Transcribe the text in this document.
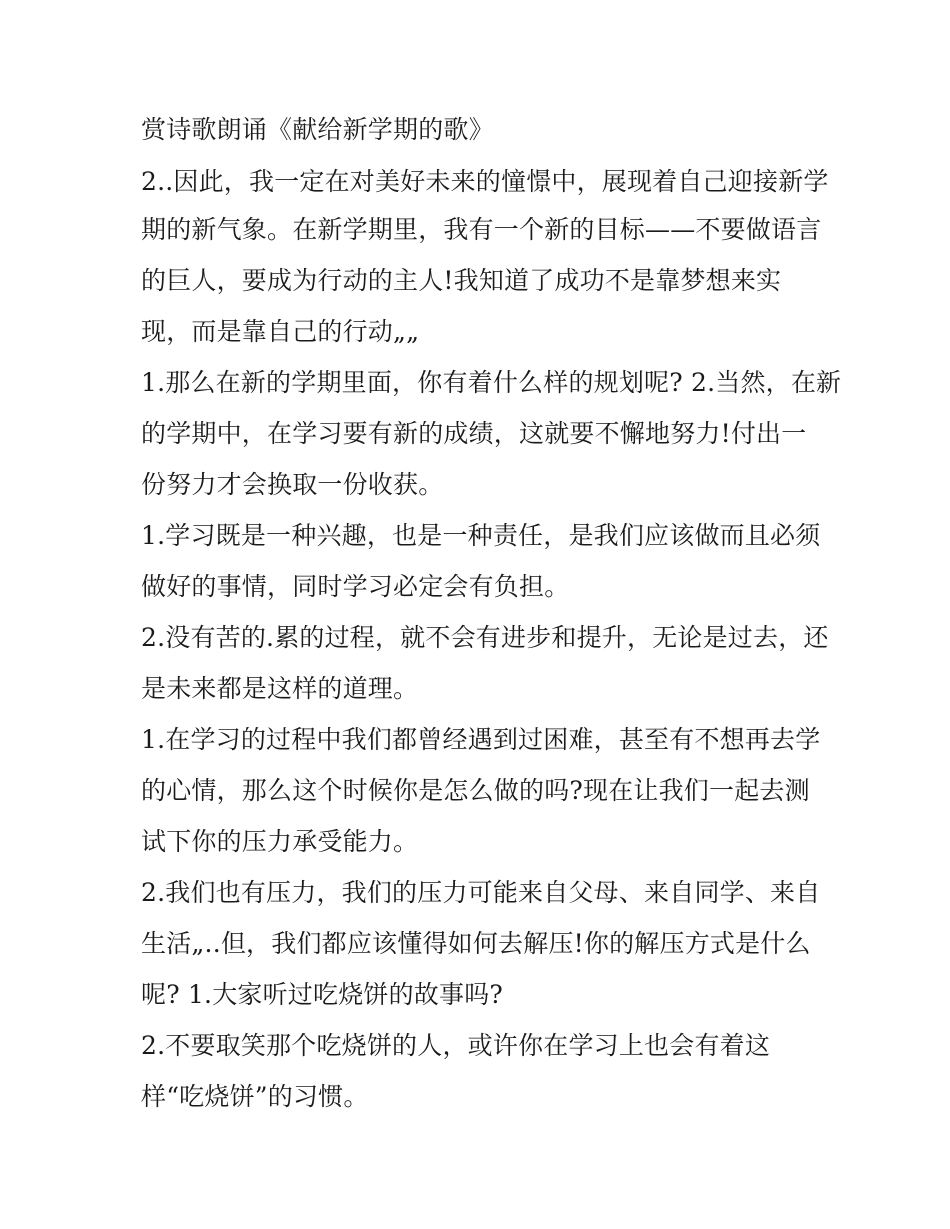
赏诗歌朗诵《献给新学期的歌》
2..因此，我一定在对美好未来的憧憬中，展现着自己迎接新学
期的新气象。在新学期里，我有一个新的目标——不要做语言
的巨人，要成为行动的主人!我知道了成功不是靠梦想来实
现，而是靠自己的行动„„
1.那么在新的学期里面，你有着什么样的规划呢? 2.当然，在新
的学期中，在学习要有新的成绩，这就要不懈地努力!付出一
份努力才会换取一份收获。
1.学习既是一种兴趣，也是一种责任，是我们应该做而且必须
做好的事情，同时学习必定会有负担。
2.没有苦的.累的过程，就不会有进步和提升，无论是过去，还
是未来都是这样的道理。
1.在学习的过程中我们都曾经遇到过困难，甚至有不想再去学
的心情，那么这个时候你是怎么做的吗?现在让我们一起去测
试下你的压力承受能力。
2.我们也有压力，我们的压力可能来自父母、来自同学、来自
生活„..但，我们都应该懂得如何去解压!你的解压方式是什么
呢? 1.大家听过吃烧饼的故事吗?
2.不要取笑那个吃烧饼的人，或许你在学习上也会有着这
样“吃烧饼”的习惯。
